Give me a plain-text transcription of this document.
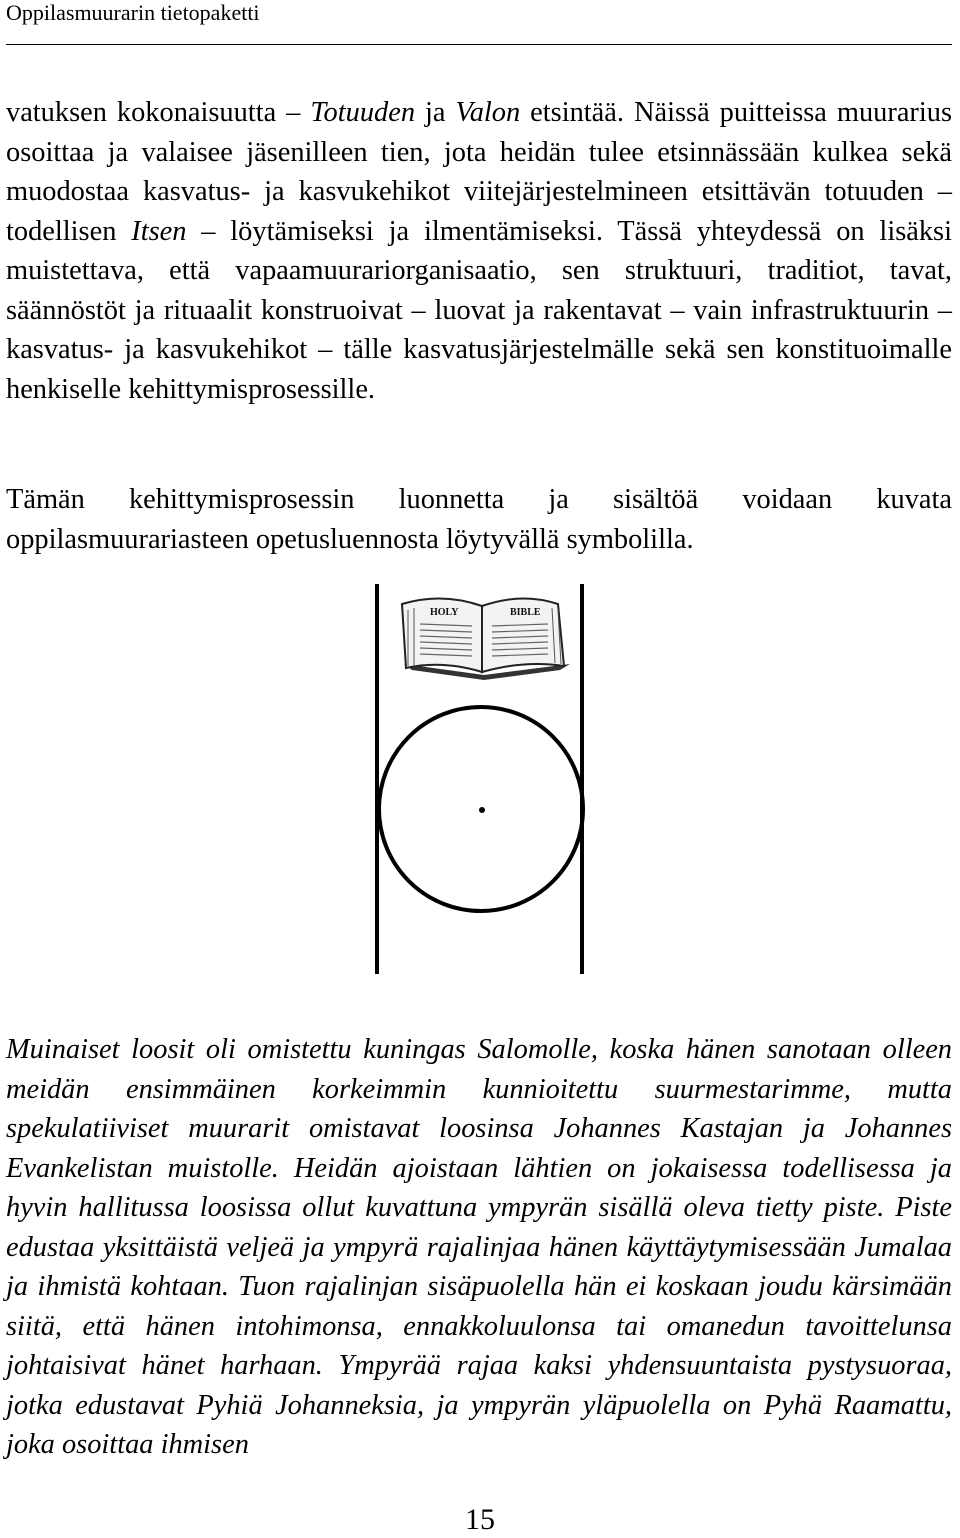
Oppilasmuurarin tietopaketti

vatuksen kokonaisuutta – Totuuden ja Valon etsintää. Näissä puitteissa muurarius osoittaa ja valaisee jäsenilleen tien, jota heidän tulee etsinnässään kulkea sekä muodostaa kasvatus- ja kasvukehikot viitejärjestelmineen etsittävän totuuden – todellisen Itsen – löytämiseksi ja ilmentämiseksi. Tässä yhteydessä on lisäksi muistettava, että vapaamuurariorganisaatio, sen struktuuri, traditiot, tavat, säännöstöt ja rituaalit konstruoivat – luovat ja rakentavat – vain infrastruktuurin – kasvatus- ja kasvukehikot – tälle kasvatusjärjestelmälle sekä sen konstituoimalle henkiselle kehittymisprosessille.

Tämän kehittymisprosessin luonnetta ja sisältöä voidaan kuvata oppilasmuurariasteen opetusluennosta löytyvällä symbolilla.

HOLY	BIBLE

Muinaiset loosit oli omistettu kuningas Salomolle, koska hänen sanotaan olleen meidän ensimmäinen korkeimmin kunnioitettu suurmestarimme, mutta spekulatiiviset muurarit omistavat loosinsa Johannes Kastajan ja Johannes Evankelistan muistolle. Heidän ajoistaan lähtien on jokaisessa todellisessa ja hyvin hallitussa loosissa ollut kuvattuna ympyrän sisällä oleva tietty piste. Piste edustaa yksittäistä veljeä ja ympyrä rajalinjaa hänen käyttäytymisessään Jumalaa ja ihmistä kohtaan. Tuon rajalinjan sisäpuolella hän ei koskaan joudu kärsimään siitä, että hänen intohimonsa, ennakkoluulonsa tai omanedun tavoittelunsa johtaisivat hänet harhaan. Ympyrää rajaa kaksi yhdensuuntaista pystysuoraa, jotka edustavat Pyhiä Johanneksia, ja ympyrän yläpuolella on Pyhä Raamattu, joka osoittaa ihmisen

15
